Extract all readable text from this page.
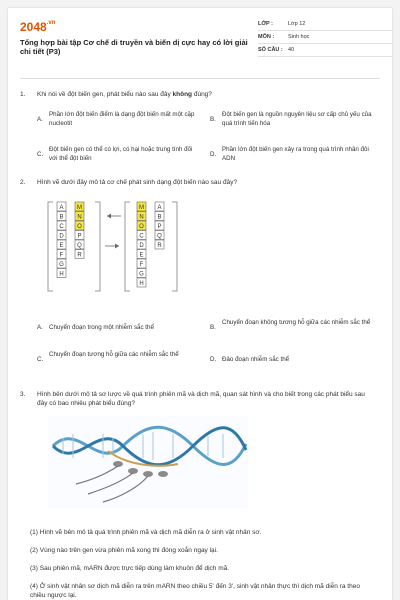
$2048^{.vn}$
Tổng hợp bài tập Cơ chế di truyền và biến dị cực hay có lời giải chi tiết (P3)
LỚP :	Lớp 12
MÔN :	Sinh học
SỐ CÂU : 40
1. Khi nói về đột biến gen, phát biểu nào sau đây không đúng?
A.
Phần lớn đột biến điểm là dạng đột biến mất một cặp nucleotit
B.
Đột biến gen là nguồn nguyên liệu sơ cấp chủ yếu của quá trình tiến hóa
C.
Đột biến gen có thể có lợi, có hại hoặc trung tính đối với thể đột biến
D.
Phần lớn đột biến gen xảy ra trong quá trình nhân đôi ADN
2. Hình vẽ dưới đây mô tả cơ chế phát sinh dạng đột biến nào sau đây?
A
B
C
D
E
F
G
H
M
N
O
P
Q
R
M
N
O
C
D
E
F
G
H
A
B
P
Q
R
A. Chuyển đoạn trong một nhiễm sắc thể	B.
Chuyển đoạn không tương hỗ giữa các nhiễm sắc thể
C.
Chuyển đoạn tương hỗ giữa các nhiễm sắc thể
D. Đảo đoạn nhiễm sắc thể
3. Hình bên dưới mô tả sơ lược về quá trình phiên mã và dịch mã, quan sát hình và cho biết trong các phát biểu sau đây có bao nhiêu phát biểu đúng?
(1) Hình vẽ bên mô tả quá trình phiên mã và dịch mã diễn ra ở sinh vật nhân sơ.
(2) Vùng nào trên gen vừa phiên mã xong thì đóng xoắn ngay lại.
(3) Sau phiên mã, mARN được trực tiếp dùng làm khuôn để dịch mã.
(4) Ở sinh vật nhân sơ dịch mã diễn ra trên mARN theo chiều 5' đến 3', sinh vật nhân thực thì dịch mã diễn ra theo chiều ngược lại.
